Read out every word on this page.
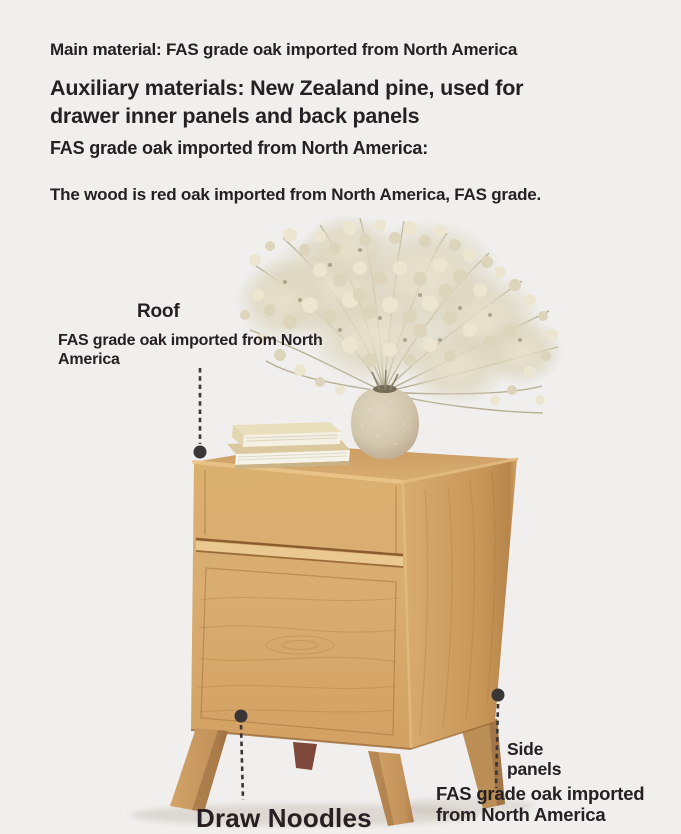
Main material: FAS grade oak imported from North America
Auxiliary materials: New Zealand pine, used for drawer inner panels and back panels
FAS grade oak imported from North America:
The wood is red oak imported from North America, FAS grade.
Roof
FAS grade oak imported from North America
Draw Noodles
Side panels
FAS grade oak imported from North America
